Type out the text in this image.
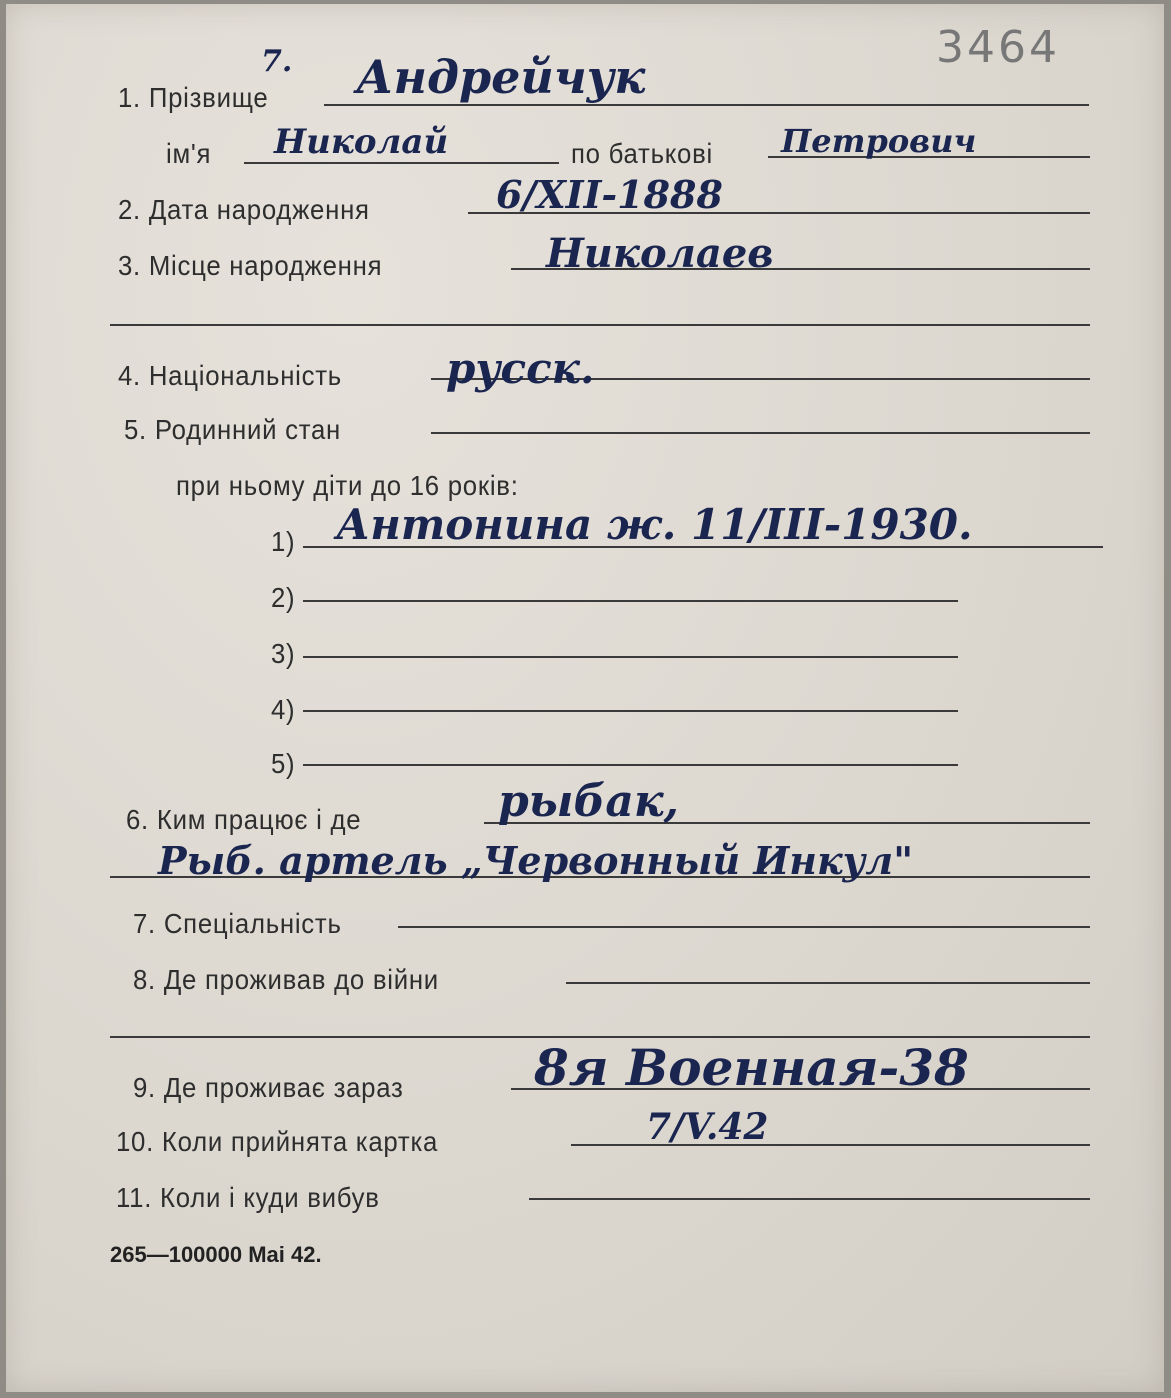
3464
7.
1. Прізвище Андрейчук
ім'я Николай	по батькові Петрович
2. Дата народження	6/XII-1888
3. Місце народження	Николаев
4. Національність русск.
5. Родинний стан
при ньому діти до 16 років:
1) Антонина ж. 11/III-1930.
2)
3)
4)
5)
6. Ким працює і де	рыбак,
Рыб. артель „Червонный Инкул"
7. Спеціальність
8. Де проживав до війни
9. Де проживає зараз	8я Военная-38
10. Коли прийнята картка	7/V.42
11. Коли і куди вибув
265—100000 Mai 42.
